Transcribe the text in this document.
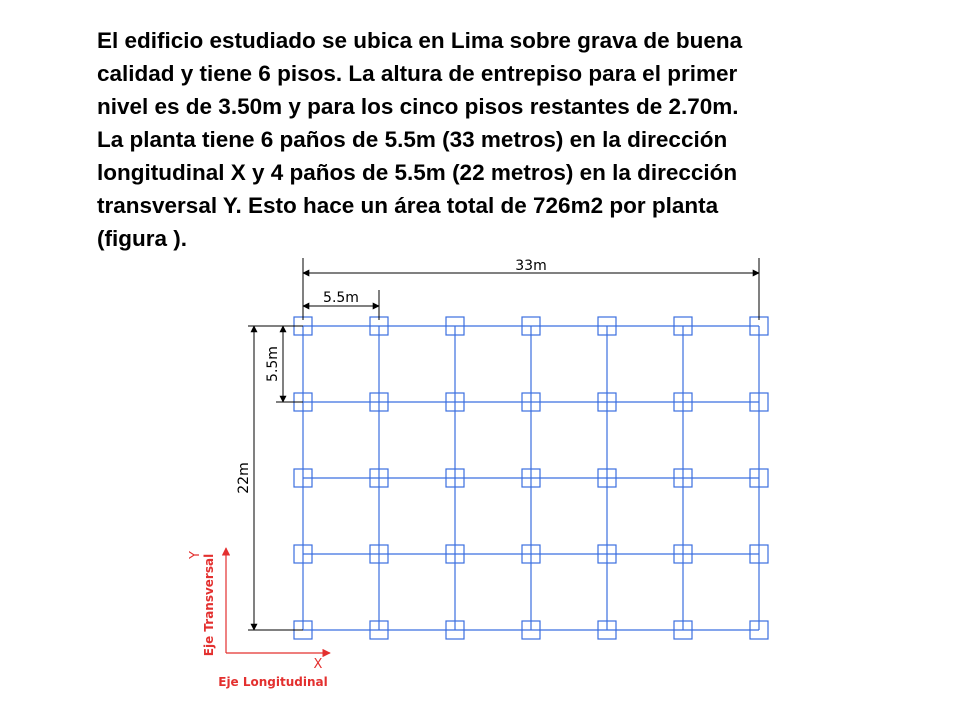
El edificio estudiado se ubica en Lima sobre grava de buena
calidad y tiene 6 pisos. La altura de entrepiso para el primer
nivel es de 3.50m y para los cinco pisos restantes de 2.70m.
La planta tiene 6 paños de 5.5m (33 metros) en la dirección
longitudinal X y 4 paños de 5.5m (22 metros) en la dirección
transversal Y. Esto hace un área total de 726m2 por planta
(figura ).
33m
5.5m
22m
5.5m
Y Eje Transversal
X
Eje Longitudinal
